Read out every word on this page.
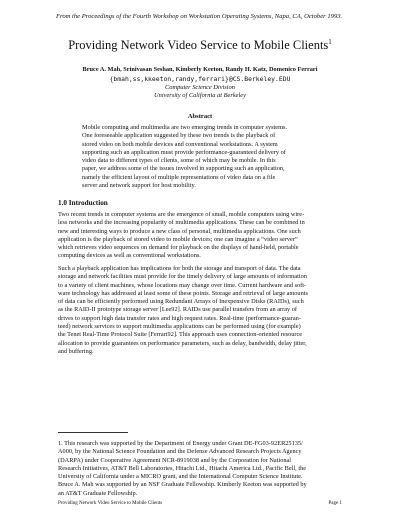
From the Proceedings of the Fourth Workshop on Workstation Operating Systems, Napa, CA, October 1993.
Providing Network Video Service to Mobile Clients$^1$
Bruce A. Mah, Srinivasan Seshan, Kimberly Keeton, Randy H. Katz, Domenico Ferrari
{bmah,ss,kkeeton,randy,ferrari}@CS.Berkeley.EDU
Computer Science Division
University of California at Berkeley
Abstract
Mobile computing and multimedia are two emerging trends in computer systems.
One foreseeable application suggested by these two trends is the playback of
stored video on both mobile devices and conventional workstations. A system
supporting such an application must provide performance-guaranteed delivery of
video data to different types of clients, some of which may be mobile. In this
paper, we address some of the issues involved in supporting such an application,
namely the efficient layout of multiple representations of video data on a file
server and network support for host mobility.
1.0 Introduction
Two recent trends in computer systems are the emergence of small, mobile computers using wire-
less networks and the increasing popularity of multimedia applications. These can be combined in
new and interesting ways to produce a new class of personal, multimedia applications. One such
application is the playback of stored video to mobile devices; one can imagine a “video server”
which retrieves video sequences on demand for playback on the displays of hand-held, portable
computing devices as well as conventional workstations.
Such a playback application has implications for both the storage and transport of data. The data
storage and network facilities must provide for the timely delivery of large amounts of information
to a variety of client machines, whose locations may change over time. Current hardware and soft-
ware technology has addressed at least some of these points. Storage and retrieval of large amounts
of data can be efficiently performed using Redundant Arrays of Inexpensive Disks (RAIDs), such
as the RAID-II prototype storage server [Lee92]. RAIDs use parallel transfers from an array of
drives to support high data transfer rates and high request rates. Real-time (performance-guaran-
teed) network services to support multimedia applications can be performed using (for example)
the Tenet Real-Time Protocol Suite [Ferrari92]. This approach uses connection-oriented resource
allocation to provide guarantees on performance parameters, such as delay, bandwidth, delay jitter,
and buffering.
1. This research was supported by the Department of Energy under Grant DE-FG03-92ER25135/
A000, by the National Science Foundation and the Defense Advanced Research Projects Agency
(DARPA) under Cooperative Agreement NCR-8919038 and by the Corporation for National
Research Initiatives, AT&T Bell Laboratories, Hitachi Ltd., Hitachi America Ltd., Pacific Bell, the
University of California under a MICRO grant, and the International Computer Science Institute.
Bruce A. Mah was supported by an NSF Graduate Fellowship. Kimberly Keeton was supported by
an AT&T Graduate Fellowship.
Providing Network Video Service to Mobile Clients	Page 1
